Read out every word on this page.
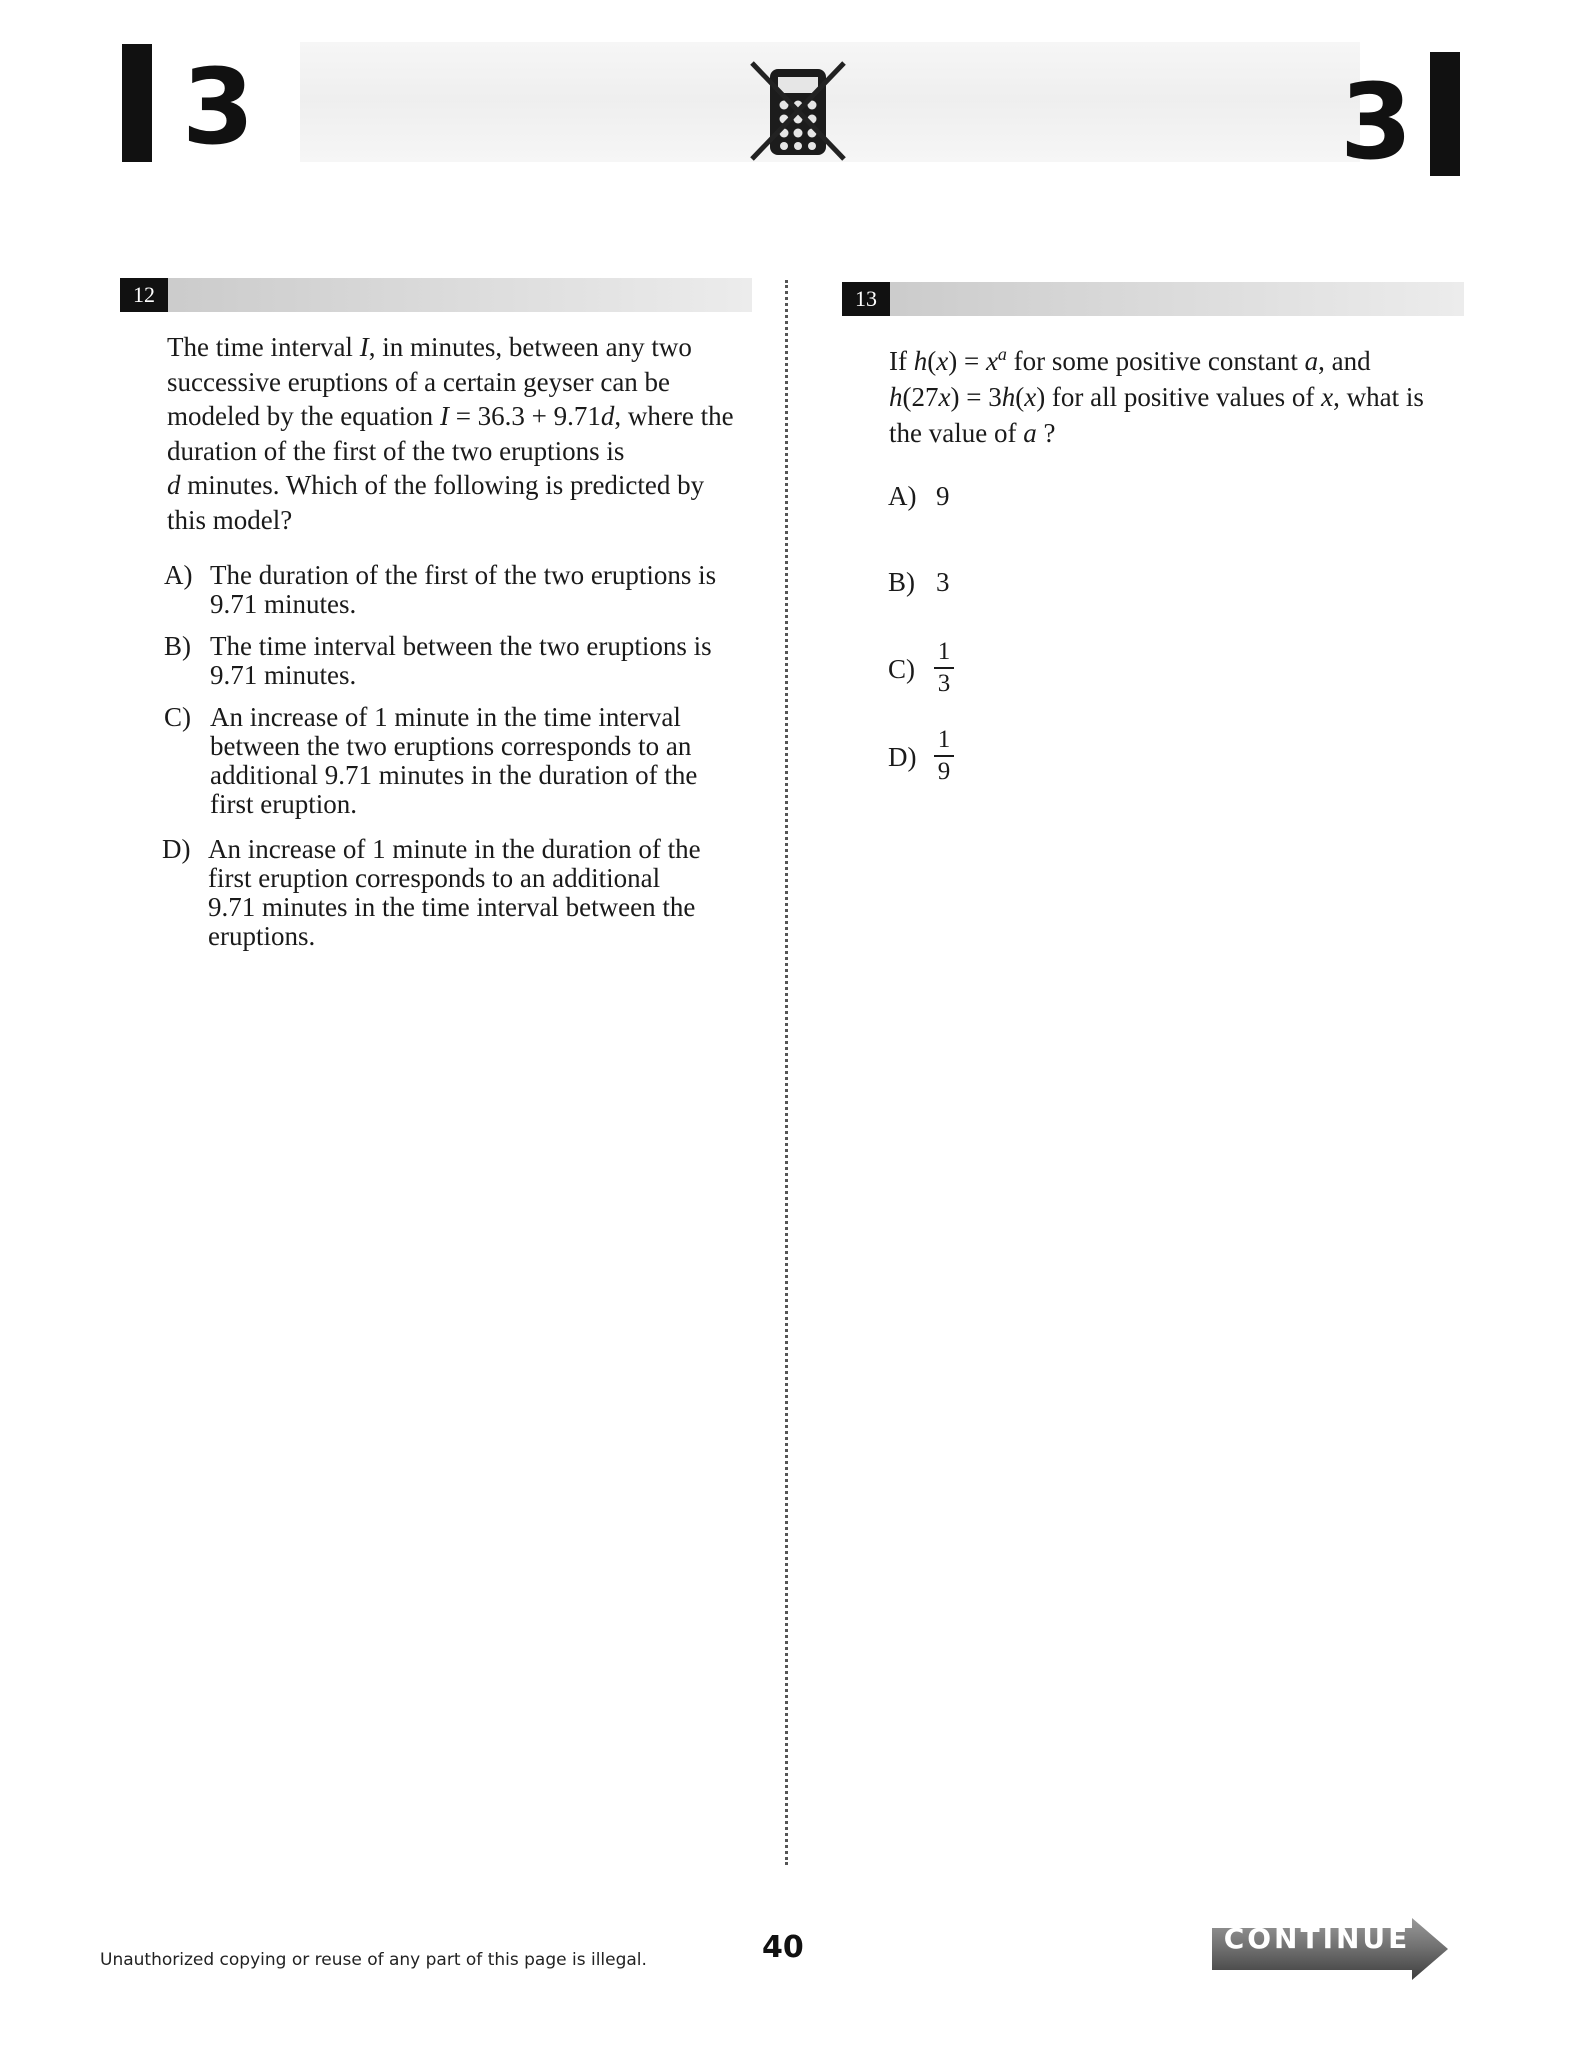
3	3
12
The time interval I, in minutes, between any two
successive eruptions of a certain geyser can be
modeled by the equation I = 36.3 + 9.71d, where the
duration of the first of the two eruptions is
d minutes. Which of the following is predicted by
this model?
A) The duration of the first of the two eruptions is
9.71 minutes.
B) The time interval between the two eruptions is
9.71 minutes.
C) An increase of 1 minute in the time interval
between the two eruptions corresponds to an
additional 9.71 minutes in the duration of the
first eruption.
D) An increase of 1 minute in the duration of the
first eruption corresponds to an additional
9.71 minutes in the time interval between the
eruptions.
13
If $h(x) = x^a$ for some positive constant a, and
h(27x) = 3h(x) for all positive values of x, what is
the value of a ?
A) 9
B) 3
C)
1
3
D)
1
9
Unauthorized copying or reuse of any part of this page is illegal.	40	CONTINUE
